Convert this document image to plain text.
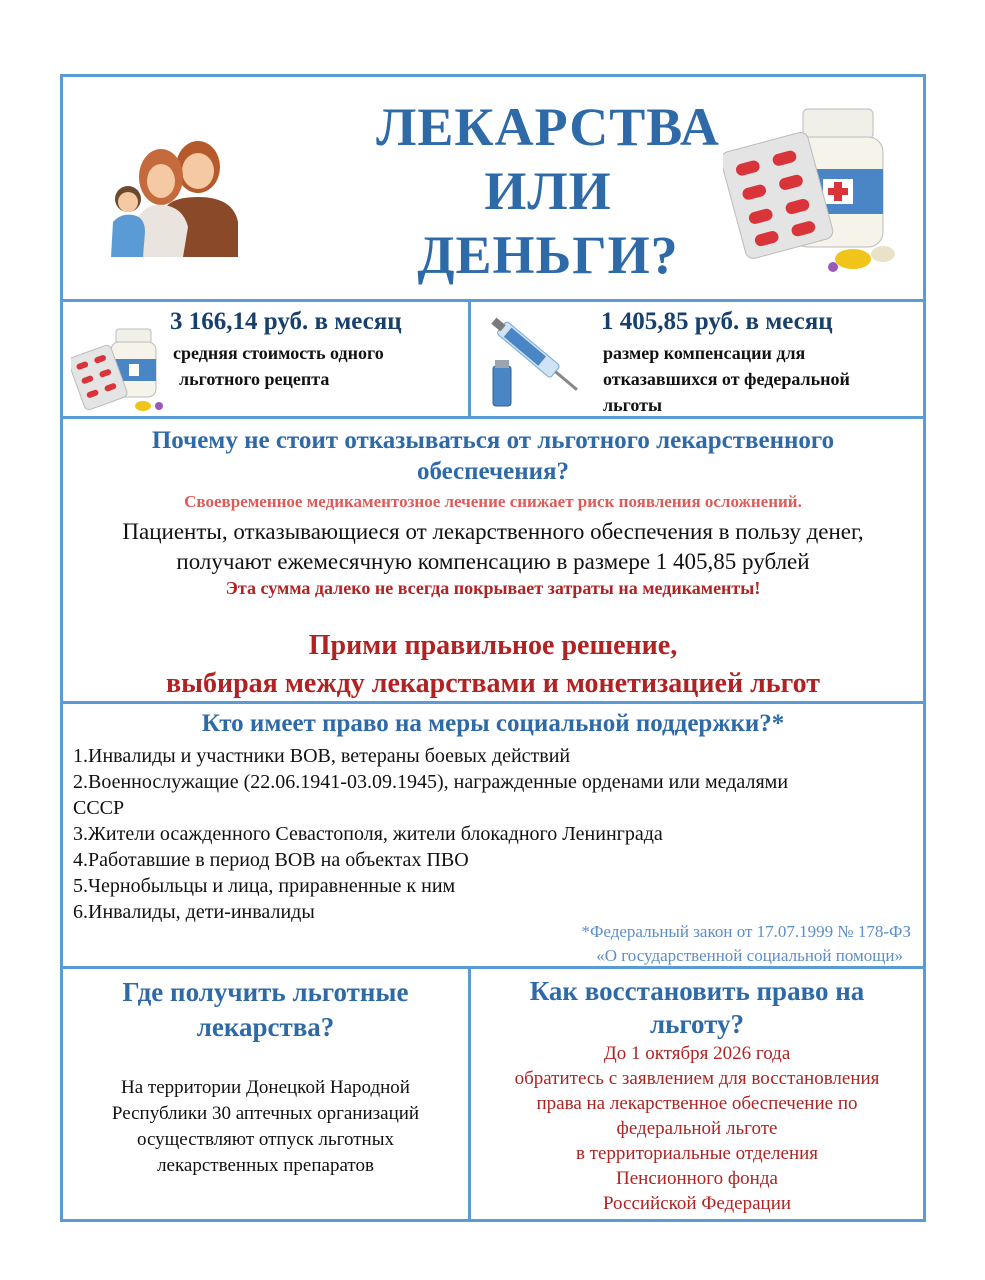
ЛЕКАРСТВА
ИЛИ
ДЕНЬГИ?
3 166,14 руб. в месяц
средняя стоимость одного
льготного рецепта
1 405,85 руб. в месяц
размер компенсации для
отказавшихся от федеральной
льготы
Почему не стоит отказываться от льготного лекарственного
обеспечения?
Своевременное медикаментозное лечение снижает риск появления осложнений.
Пациенты, отказывающиеся от лекарственного обеспечения в пользу денег,
получают ежемесячную компенсацию в размере 1 405,85 рублей
Эта сумма далеко не всегда покрывает затраты на медикаменты!
Прими правильное решение,
выбирая между лекарствами и монетизацией льгот
Кто имеет право на меры социальной поддержки?*
1.Инвалиды и участники ВОВ, ветераны боевых действий
2.Военнослужащие (22.06.1941-03.09.1945), награжденные орденами или медалями
СССР
3.Жители осажденного Севастополя, жители блокадного Ленинграда
4.Работавшие в период ВОВ на объектах ПВО
5.Чернобыльцы и лица, приравненные к ним
6.Инвалиды, дети-инвалиды
*Федеральный закон от 17.07.1999 № 178-ФЗ
«О государственной социальной помощи»
Где получить льготные
лекарства?
На территории Донецкой Народной
Республики 30 аптечных организаций
осуществляют отпуск льготных
лекарственных препаратов
Как восстановить право на
льготу?
До 1 октября 2026 года
обратитесь с заявлением для восстановления
права на лекарственное обеспечение по
федеральной льготе
в территориальные отделения
Пенсионного фонда
Российской Федерации
